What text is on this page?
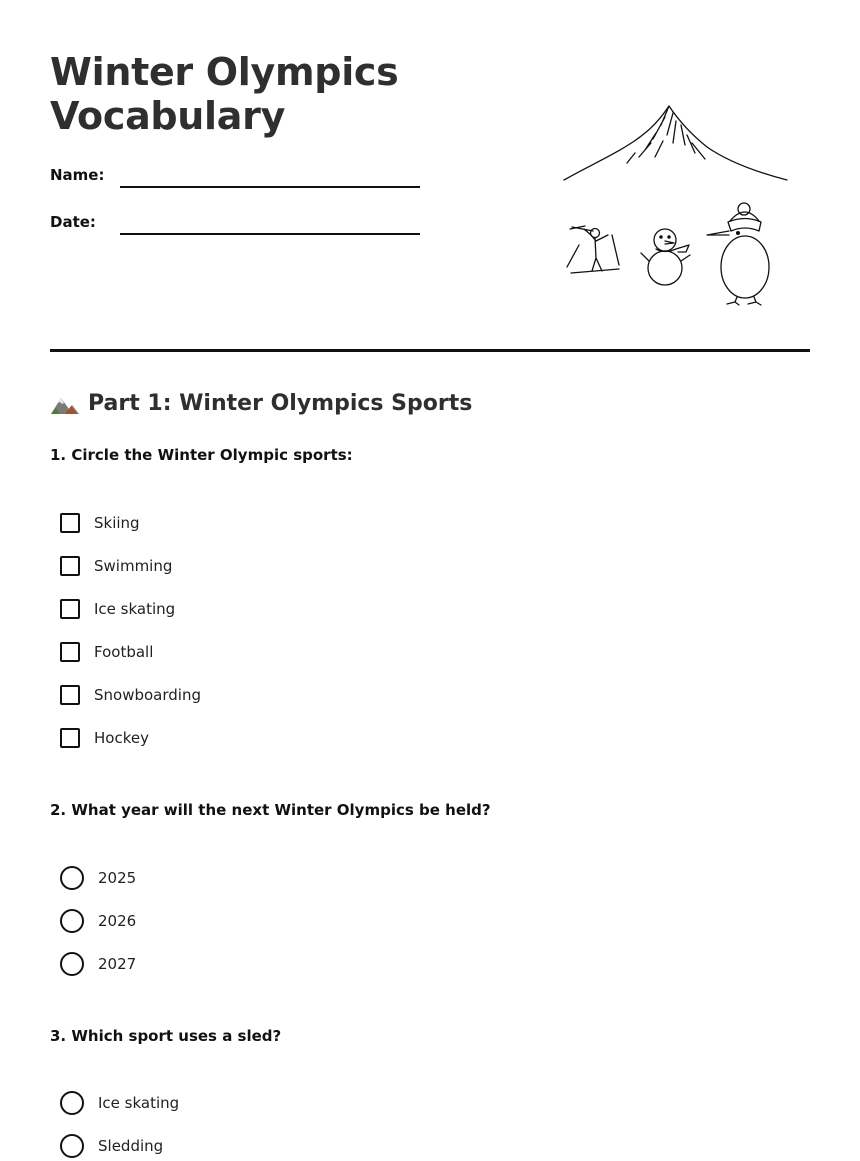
Winter Olympics
Vocabulary
Name:
Date:
Part 1: Winter Olympics Sports

1. Circle the Winter Olympic sports:

Skiing
Swimming
Ice skating
Football
Snowboarding
Hockey

2. What year will the next Winter Olympics be held?

2025
2026
2027

3. Which sport uses a sled?

Ice skating
Sledding
